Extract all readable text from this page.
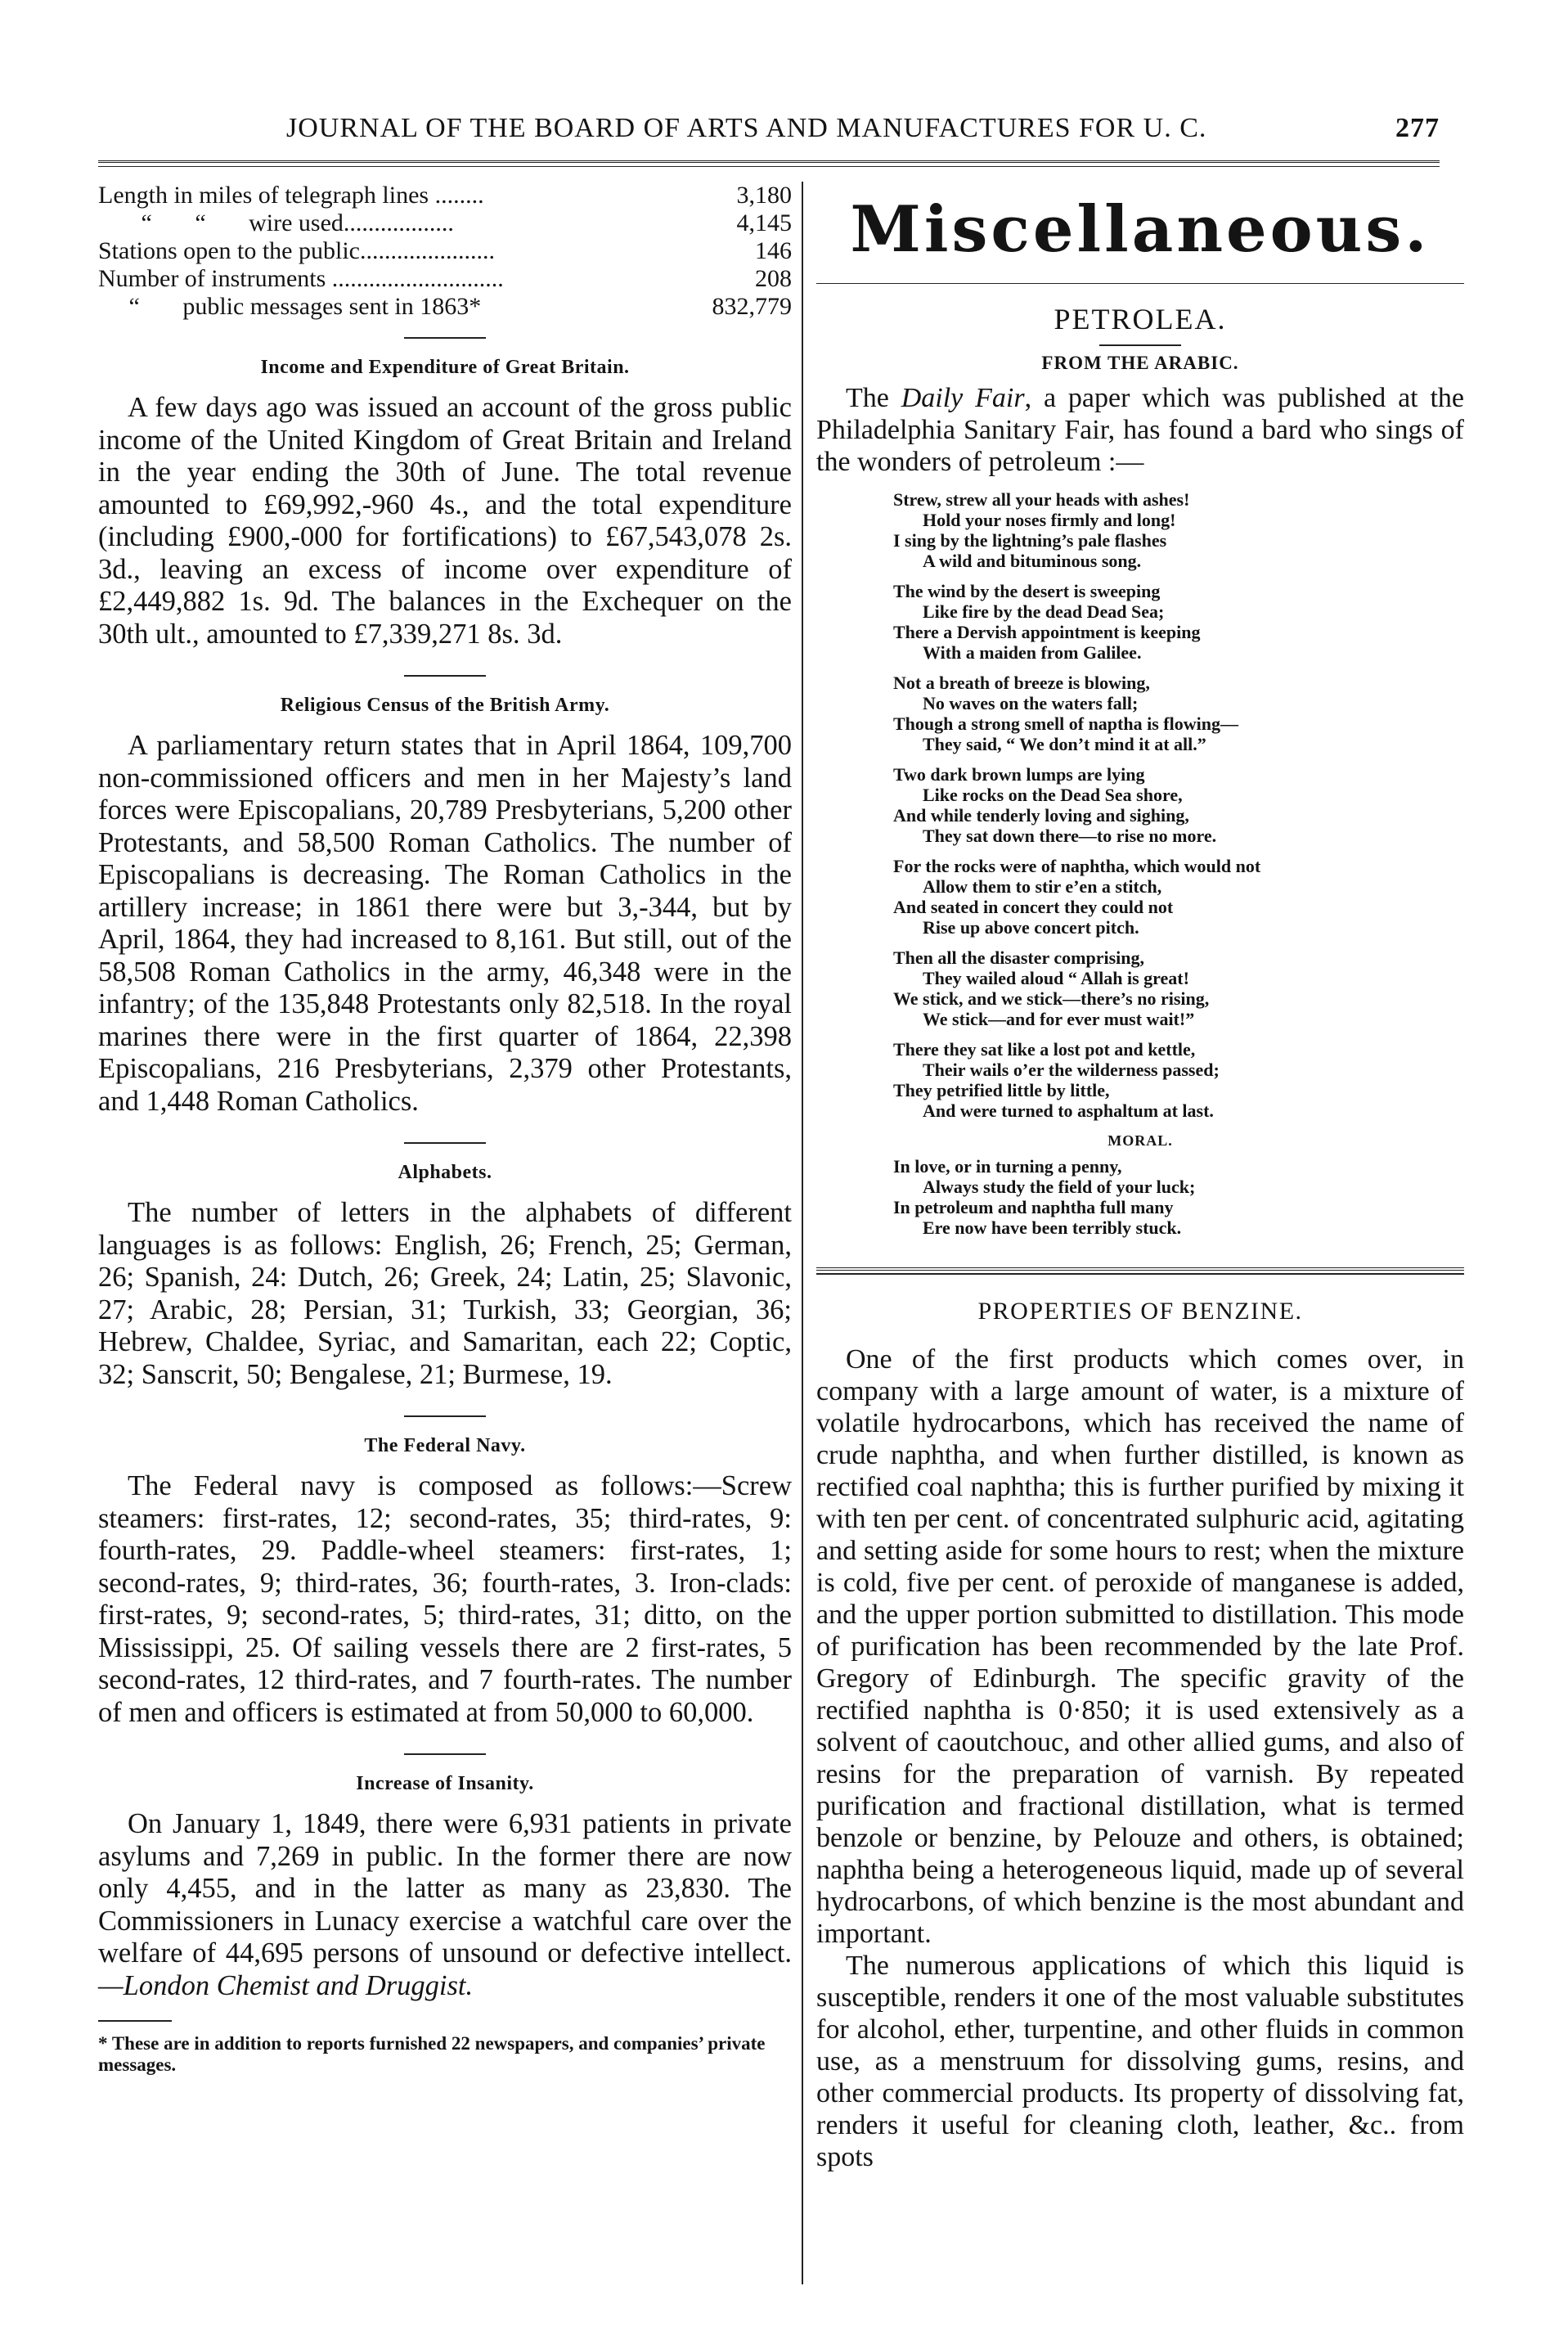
JOURNAL OF THE BOARD OF ARTS AND MANUFACTURES FOR U. C.	277
Length in miles of telegraph lines ........	3,180
“       “       wire used..................	4,145
Stations open to the public......................	146
Number of instruments ............................	208
“       public messages sent in 1863*	832,779
Income and Expenditure of Great Britain.

A few days ago was issued an account of the gross public income of the United Kingdom of Great Britain and Ireland in the year ending the 30th of June. The total revenue amounted to £69,992,-960 4s., and the total expenditure (including £900,-000 for fortifications) to £67,543,078 2s. 3d., leaving an excess of income over expenditure of £2,449,882 1s. 9d. The balances in the Exchequer on the 30th ult., amounted to £7,339,271 8s. 3d.

Religious Census of the British Army.

A parliamentary return states that in April 1864, 109,700 non-commissioned officers and men in her Majesty’s land forces were Episcopalians, 20,789 Presbyterians, 5,200 other Protestants, and 58,500 Roman Catholics. The number of Episcopalians is decreasing. The Roman Catholics in the artillery increase; in 1861 there were but 3,-344, but by April, 1864, they had increased to 8,161. But still, out of the 58,508 Roman Catholics in the army, 46,348 were in the infantry; of the 135,848 Protestants only 82,518. In the royal marines there were in the first quarter of 1864, 22,398 Episcopalians, 216 Presbyterians, 2,379 other Protestants, and 1,448 Roman Catholics.

Alphabets.

The number of letters in the alphabets of different languages is as follows: English, 26; French, 25; German, 26; Spanish, 24: Dutch, 26; Greek, 24; Latin, 25; Slavonic, 27; Arabic, 28; Persian, 31; Turkish, 33; Georgian, 36; Hebrew, Chaldee, Syriac, and Samaritan, each 22; Coptic, 32; Sanscrit, 50; Bengalese, 21; Burmese, 19.

The Federal Navy.

The Federal navy is composed as follows:—Screw steamers: first-rates, 12; second-rates, 35; third-rates, 9: fourth-rates, 29. Paddle-wheel steamers: first-rates, 1; second-rates, 9; third-rates, 36; fourth-rates, 3. Iron-clads: first-rates, 9; second-rates, 5; third-rates, 31; ditto, on the Mississippi, 25. Of sailing vessels there are 2 first-rates, 5 second-rates, 12 third-rates, and 7 fourth-rates. The number of men and officers is estimated at from 50,000 to 60,000.

Increase of Insanity.

On January 1, 1849, there were 6,931 patients in private asylums and 7,269 in public. In the former there are now only 4,455, and in the latter as many as 23,830. The Commissioners in Lunacy exercise a watchful care over the welfare of 44,695 persons of unsound or defective intellect.—London Chemist and Druggist.

* These are in addition to reports furnished 22 newspapers, and companies’ private messages.
Miscellaneous.
PETROLEA.
FROM THE ARABIC.

The Daily Fair, a paper which was published at the Philadelphia Sanitary Fair, has found a bard who sings of the wonders of petroleum :—

Strew, strew all your heads with ashes!
Hold your noses firmly and long!
I sing by the lightning’s pale flashes
A wild and bituminous song.
The wind by the desert is sweeping
Like fire by the dead Dead Sea;
There a Dervish appointment is keeping
With a maiden from Galilee.
Not a breath of breeze is blowing,
No waves on the waters fall;
Though a strong smell of naptha is flowing—
They said, “ We don’t mind it at all.”
Two dark brown lumps are lying
Like rocks on the Dead Sea shore,
And while tenderly loving and sighing,
They sat down there—to rise no more.
For the rocks were of naphtha, which would not
Allow them to stir e’en a stitch,
And seated in concert they could not
Rise up above concert pitch.
Then all the disaster comprising,
They wailed aloud “ Allah is great!
We stick, and we stick—there’s no rising,
We stick—and for ever must wait!”
There they sat like a lost pot and kettle,
Their wails o’er the wilderness passed;
They petrified little by little,
And were turned to asphaltum at last.
MORAL.
In love, or in turning a penny,
Always study the field of your luck;
In petroleum and naphtha full many
Ere now have been terribly stuck.
PROPERTIES OF BENZINE.

One of the first products which comes over, in company with a large amount of water, is a mixture of volatile hydrocarbons, which has received the name of crude naphtha, and when further distilled, is known as rectified coal naphtha; this is further purified by mixing it with ten per cent. of concentrated sulphuric acid, agitating and setting aside for some hours to rest; when the mixture is cold, five per cent. of peroxide of manganese is added, and the upper portion submitted to distillation. This mode of purification has been recommended by the late Prof. Gregory of Edinburgh. The specific gravity of the rectified naphtha is 0·850; it is used extensively as a solvent of caoutchouc, and other allied gums, and also of resins for the preparation of varnish. By repeated purification and fractional distillation, what is termed benzole or benzine, by Pelouze and others, is obtained; naphtha being a heterogeneous liquid, made up of several hydrocarbons, of which benzine is the most abundant and important.

The numerous applications of which this liquid is susceptible, renders it one of the most valuable substitutes for alcohol, ether, turpentine, and other fluids in common use, as a menstruum for dissolving gums, resins, and other commercial products. Its property of dissolving fat, renders it useful for cleaning cloth, leather, &c.. from spots
